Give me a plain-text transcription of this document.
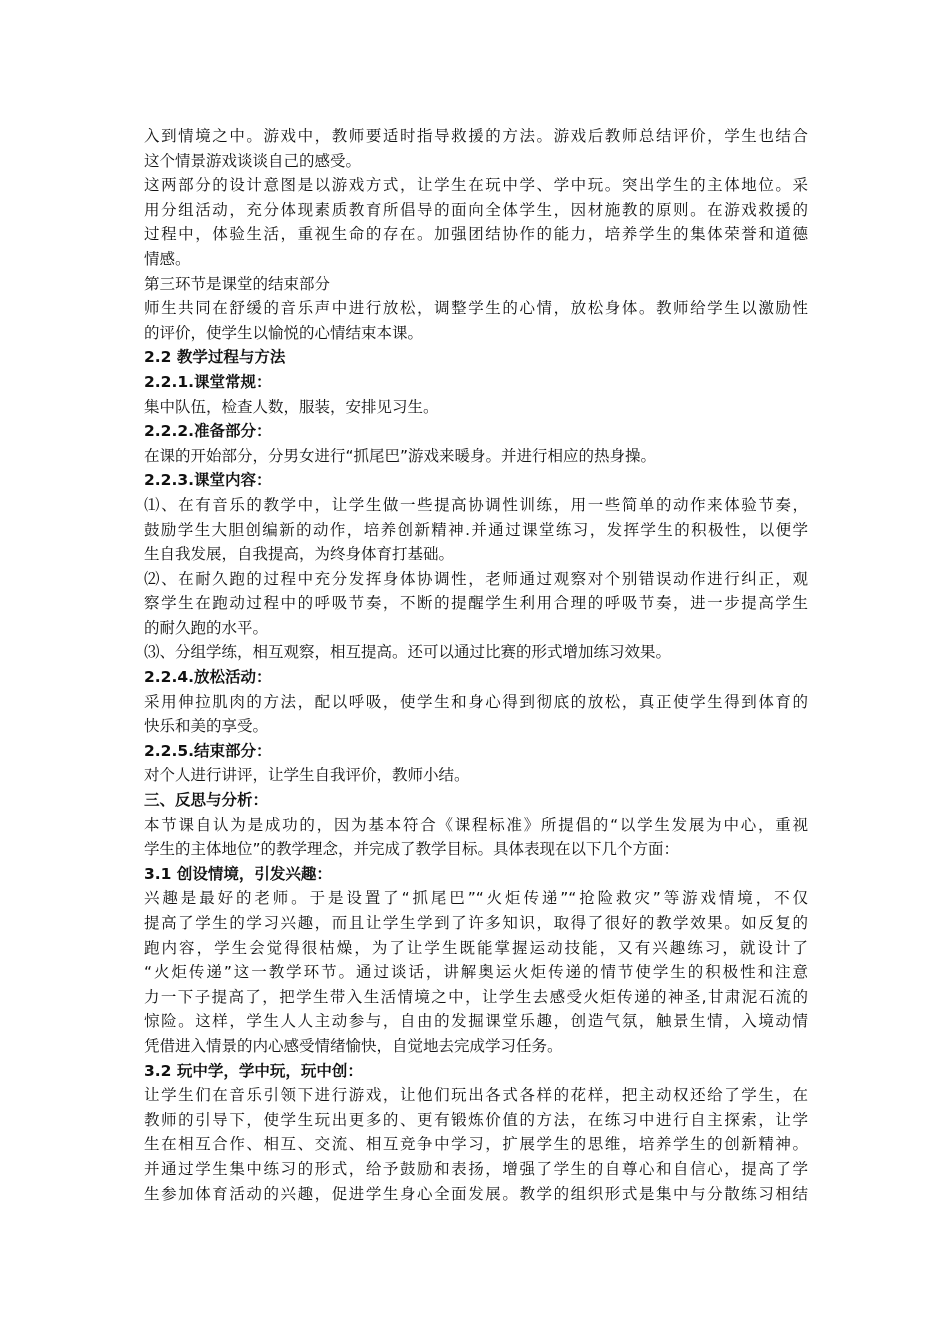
入到情境之中。游戏中，教师要适时指导救援的方法。游戏后教师总结评价，学生也结合
这个情景游戏谈谈自己的感受。
这两部分的设计意图是以游戏方式，让学生在玩中学、学中玩。突出学生的主体地位。采
用分组活动，充分体现素质教育所倡导的面向全体学生，因材施教的原则。在游戏救援的
过程中，体验生活，重视生命的存在。加强团结协作的能力，培养学生的集体荣誉和道德
情感。
第三环节是课堂的结束部分
师生共同在舒缓的音乐声中进行放松，调整学生的心情，放松身体。教师给学生以激励性
的评价，使学生以愉悦的心情结束本课。
2.2 教学过程与方法
2.2.1.课堂常规：
集中队伍，检查人数，服装，安排见习生。
2.2.2.准备部分：
在课的开始部分，分男女进行“抓尾巴”游戏来暖身。并进行相应的热身操。
2.2.3.课堂内容：
⑴、在有音乐的教学中，让学生做一些提高协调性训练，用一些简单的动作来体验节奏，
鼓励学生大胆创编新的动作，培养创新精神.并通过课堂练习，发挥学生的积极性，以便学
生自我发展，自我提高，为终身体育打基础。
⑵、在耐久跑的过程中充分发挥身体协调性，老师通过观察对个别错误动作进行纠正，观
察学生在跑动过程中的呼吸节奏，不断的提醒学生利用合理的呼吸节奏，进一步提高学生
的耐久跑的水平。
⑶、分组学练，相互观察，相互提高。还可以通过比赛的形式增加练习效果。
2.2.4.放松活动：
采用伸拉肌肉的方法，配以呼吸，使学生和身心得到彻底的放松，真正使学生得到体育的
快乐和美的享受。
2.2.5.结束部分：
对个人进行讲评，让学生自我评价，教师小结。
三、反思与分析：
本节课自认为是成功的，因为基本符合《课程标准》所提倡的“以学生发展为中心，重视
学生的主体地位”的教学理念，并完成了教学目标。具体表现在以下几个方面：
3.1 创设情境，引发兴趣：
兴趣是最好的老师。于是设置了“抓尾巴”“火炬传递”“抢险救灾”等游戏情境，不仅
提高了学生的学习兴趣，而且让学生学到了许多知识，取得了很好的教学效果。如反复的
跑内容，学生会觉得很枯燥，为了让学生既能掌握运动技能，又有兴趣练习，就设计了
“火炬传递”这一教学环节。通过谈话，讲解奥运火炬传递的情节使学生的积极性和注意
力一下子提高了，把学生带入生活情境之中，让学生去感受火炬传递的神圣,甘肃泥石流的
惊险。这样，学生人人主动参与，自由的发掘课堂乐趣，创造气氛，触景生情，入境动情
凭借进入情景的内心感受情绪愉快，自觉地去完成学习任务。
3.2 玩中学，学中玩，玩中创：
让学生们在音乐引领下进行游戏，让他们玩出各式各样的花样，把主动权还给了学生，在
教师的引导下，使学生玩出更多的、更有锻炼价值的方法，在练习中进行自主探索，让学
生在相互合作、相互、交流、相互竞争中学习，扩展学生的思维，培养学生的创新精神。
并通过学生集中练习的形式，给予鼓励和表扬，增强了学生的自尊心和自信心，提高了学
生参加体育活动的兴趣，促进学生身心全面发展。教学的组织形式是集中与分散练习相结
